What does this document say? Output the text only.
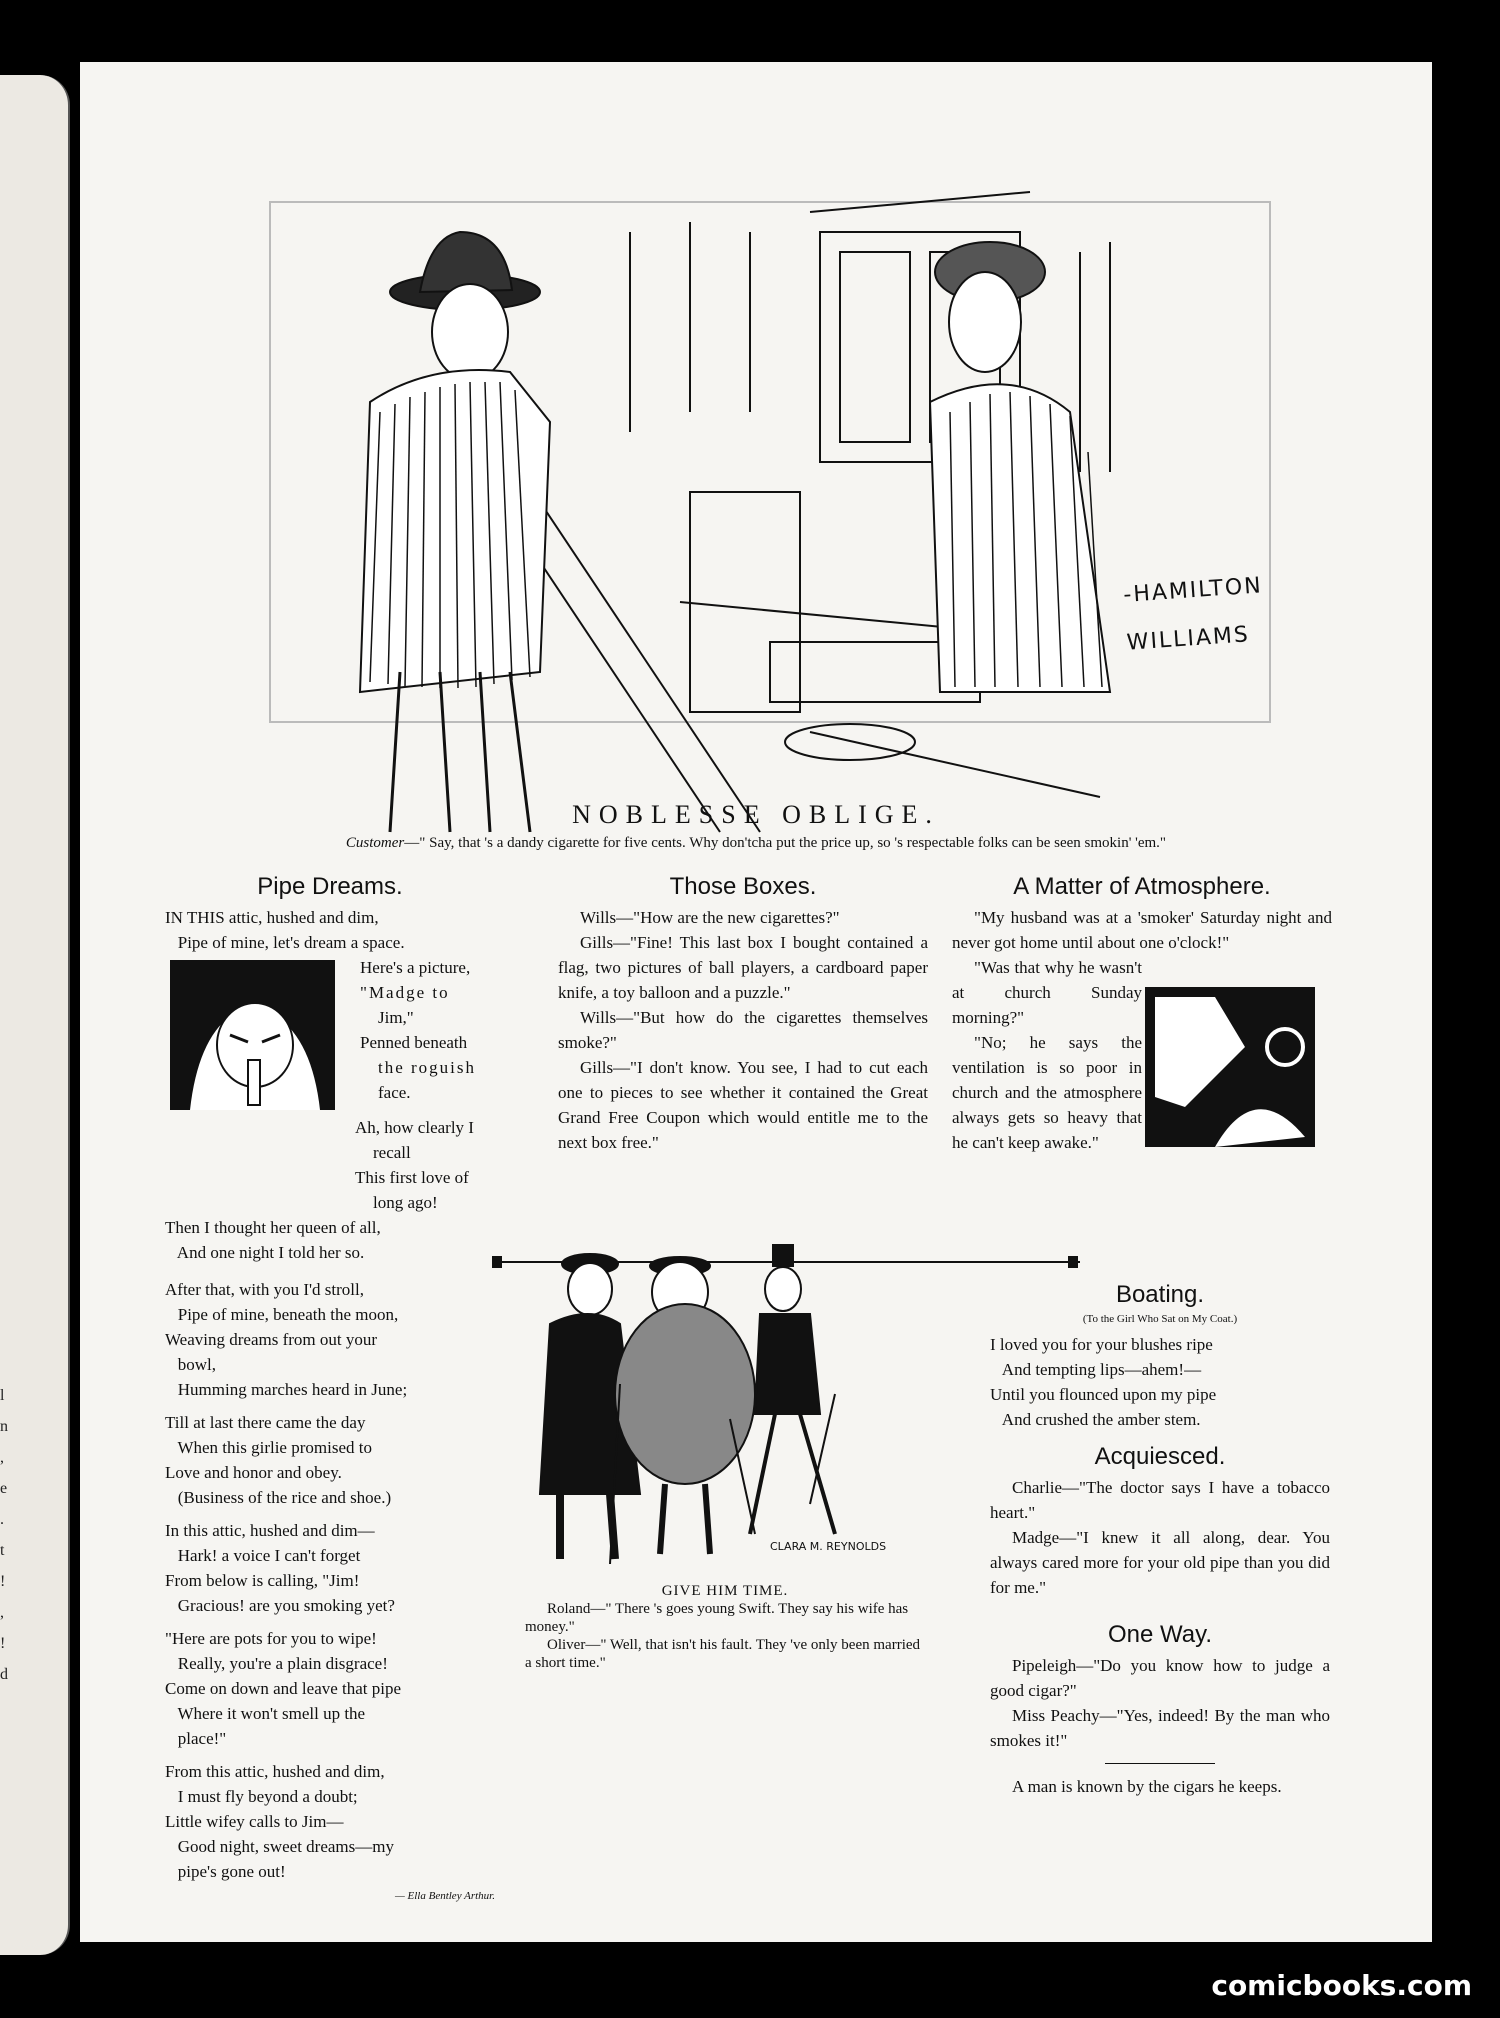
l
n
,
e
.
t
!
,
!
d
-HAMILTON
WILLIAMS
NOBLESSE OBLIGE.
Customer—" Say, that 's a dandy cigarette for five cents. Why don'tcha put the price up, so 's respectable folks can be seen smokin' 'em."
Pipe Dreams.
IN THIS attic, hushed and dim,
Pipe of mine, let's dream a space.
Here's a picture,
"Madge to
Jim,"
Penned beneath
the roguish
face.
Ah, how clearly I
recall
This first love of
long ago!
Then I thought her queen of all,
And one night I told her so.
After that, with you I'd stroll,
Pipe of mine, beneath the moon,
Weaving dreams from out your
bowl,
Humming marches heard in June;
Till at last there came the day
When this girlie promised to
Love and honor and obey.
(Business of the rice and shoe.)
In this attic, hushed and dim—
Hark! a voice I can't forget
From below is calling, "Jim!
Gracious! are you smoking yet?
"Here are pots for you to wipe!
Really, you're a plain disgrace!
Come on down and leave that pipe
Where it won't smell up the
place!"
From this attic, hushed and dim,
I must fly beyond a doubt;
Little wifey calls to Jim—
Good night, sweet dreams—my
pipe's gone out!
— Ella Bentley Arthur.
Those Boxes.
Wills—"How are the new cigarettes?"
Gills—"Fine! This last box I bought contained a flag, two pictures of ball players, a cardboard paper knife, a toy balloon and a puzzle."
Wills—"But how do the cigarettes themselves smoke?"
Gills—"I don't know. You see, I had to cut each one to pieces to see whether it contained the Great Grand Free Coupon which would entitle me to the next box free."
CLARA M. REYNOLDS
GIVE HIM TIME.
Roland—" There 's goes young Swift. They say his wife has money."
Oliver—" Well, that isn't his fault. They 've only been married a short time."
A Matter of Atmosphere.
"My husband was at a 'smoker' Saturday night and never got home until about one o'clock!"
"Was that why he wasn't at church Sunday morning?"
"No; he says the ventilation is so poor in church and the atmosphere always gets so heavy that he can't keep awake."
Boating.
(To the Girl Who Sat on My Coat.)
I loved you for your blushes ripe
And tempting lips—ahem!—
Until you flounced upon my pipe
And crushed the amber stem.
Acquiesced.
Charlie—"The doctor says I have a tobacco heart."
Madge—"I knew it all along, dear. You always cared more for your old pipe than you did for me."
One Way.
Pipeleigh—"Do you know how to judge a good cigar?"
Miss Peachy—"Yes, indeed! By the man who smokes it!"
A man is known by the cigars he keeps.
comicbooks.com
